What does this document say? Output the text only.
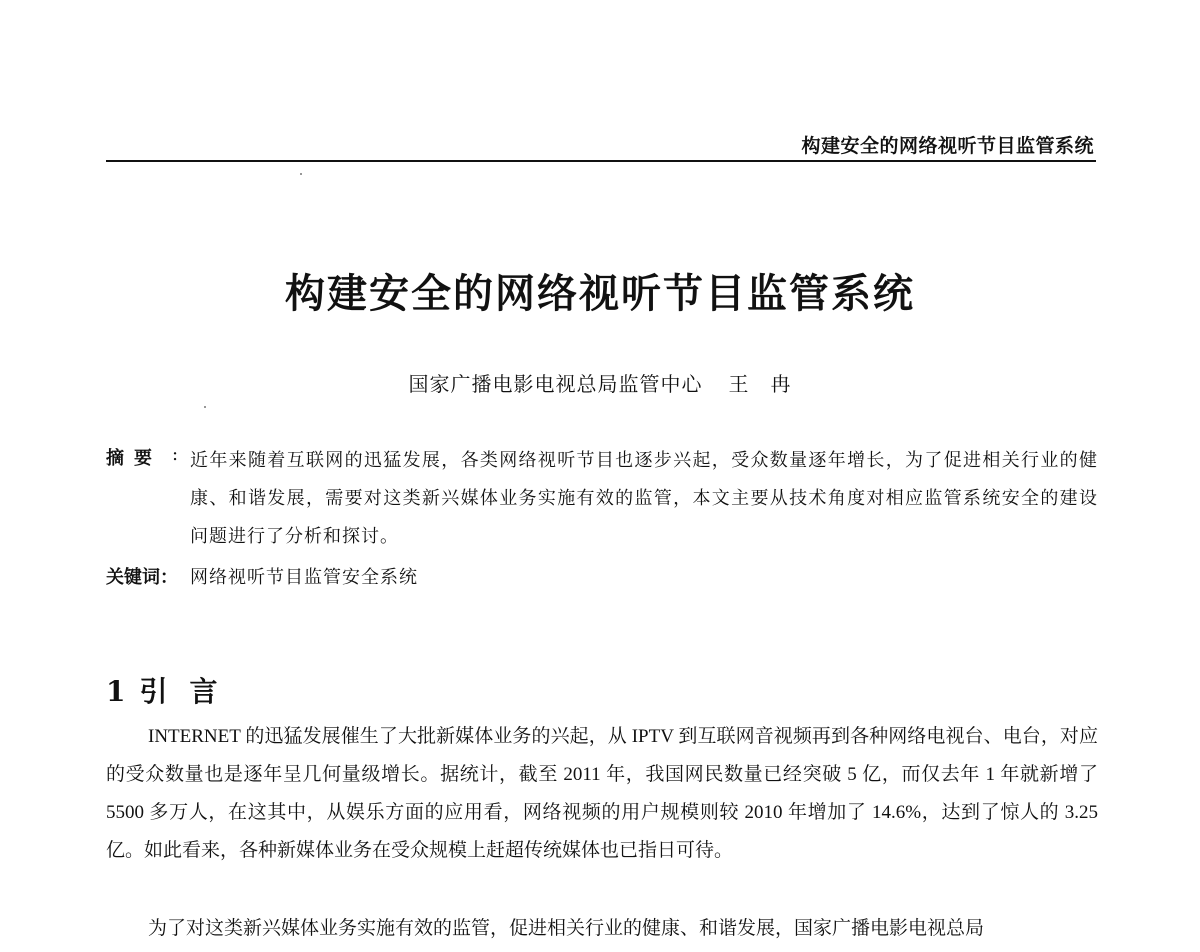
构建安全的网络视听节目监管系统
构建安全的网络视听节目监管系统
国家广播电影电视总局监管中心 王　冉
摘要 : 近年来随着互联网的迅猛发展，各类网络视听节目也逐步兴起，受众数量逐年增长，为了促进相关行业的健康、和谐发展，需要对这类新兴媒体业务实施有效的监管，本文主要从技术角度对相应监管系统安全的建设问题进行了分析和探讨。
关键词： 网络视听节目监管安全系统
1 引言

INTERNET 的迅猛发展催生了大批新媒体业务的兴起，从 IPTV 到互联网音视频再到各种网络电视台、电台，对应的受众数量也是逐年呈几何量级增长。据统计，截至 2011 年，我国网民数量已经突破 5 亿，而仅去年 1 年就新增了 5500 多万人，在这其中，从娱乐方面的应用看，网络视频的用户规模则较 2010 年增加了 14.6%，达到了惊人的 3.25 亿。如此看来，各种新媒体业务在受众规模上赶超传统媒体也已指日可待。

为了对这类新兴媒体业务实施有效的监管，促进相关行业的健康、和谐发展，国家广播电影电视总局
